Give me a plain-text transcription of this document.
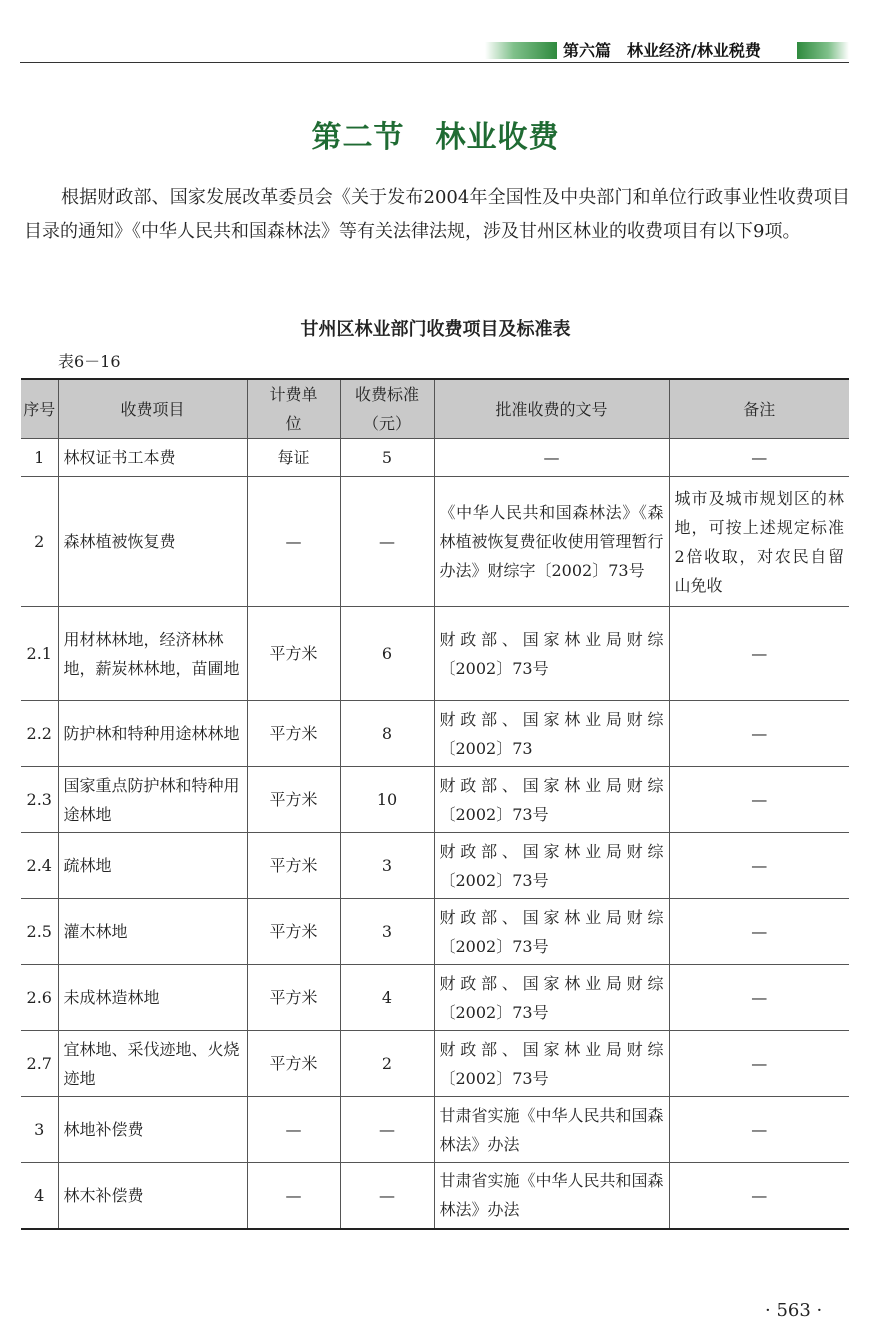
第六篇　林业经济/林业税费
第二节　林业收费
根据财政部、国家发展改革委员会《关于发布2004年全国性及中央部门和单位行政事业性收费项目目录的通知》《中华人民共和国森林法》等有关法律法规，涉及甘州区林业的收费项目有以下9项。
甘州区林业部门收费项目及标准表
表6－16
序号	收费项目	计费单位	收费标准（元）	批准收费的文号	备注
1	林权证书工本费	每证	5	—	—
2	森林植被恢复费	—	—	《中华人民共和国森林法》《森林植被恢复费征收使用管理暂行办法》财综字〔2002〕73号	城市及城市规划区的林地，可按上述规定标准2倍收取，对农民自留山免收
2.1	用材林林地，经济林林地，薪炭林林地，苗圃地	平方米	6	财政部、国家林业局财综〔2002〕73号	—
2.2	防护林和特种用途林林地	平方米	8	财政部、国家林业局财综〔2002〕73	—
2.3	国家重点防护林和特种用途林地	平方米	10	财政部、国家林业局财综〔2002〕73号	—
2.4	疏林地	平方米	3	财政部、国家林业局财综〔2002〕73号	—
2.5	灌木林地	平方米	3	财政部、国家林业局财综〔2002〕73号	—
2.6	未成林造林地	平方米	4	财政部、国家林业局财综〔2002〕73号	—
2.7	宜林地、采伐迹地、火烧迹地	平方米	2	财政部、国家林业局财综〔2002〕73号	—
3	林地补偿费	—	—	甘肃省实施《中华人民共和国森林法》办法	—
4	林木补偿费	—	—	甘肃省实施《中华人民共和国森林法》办法	—
· 563 ·
